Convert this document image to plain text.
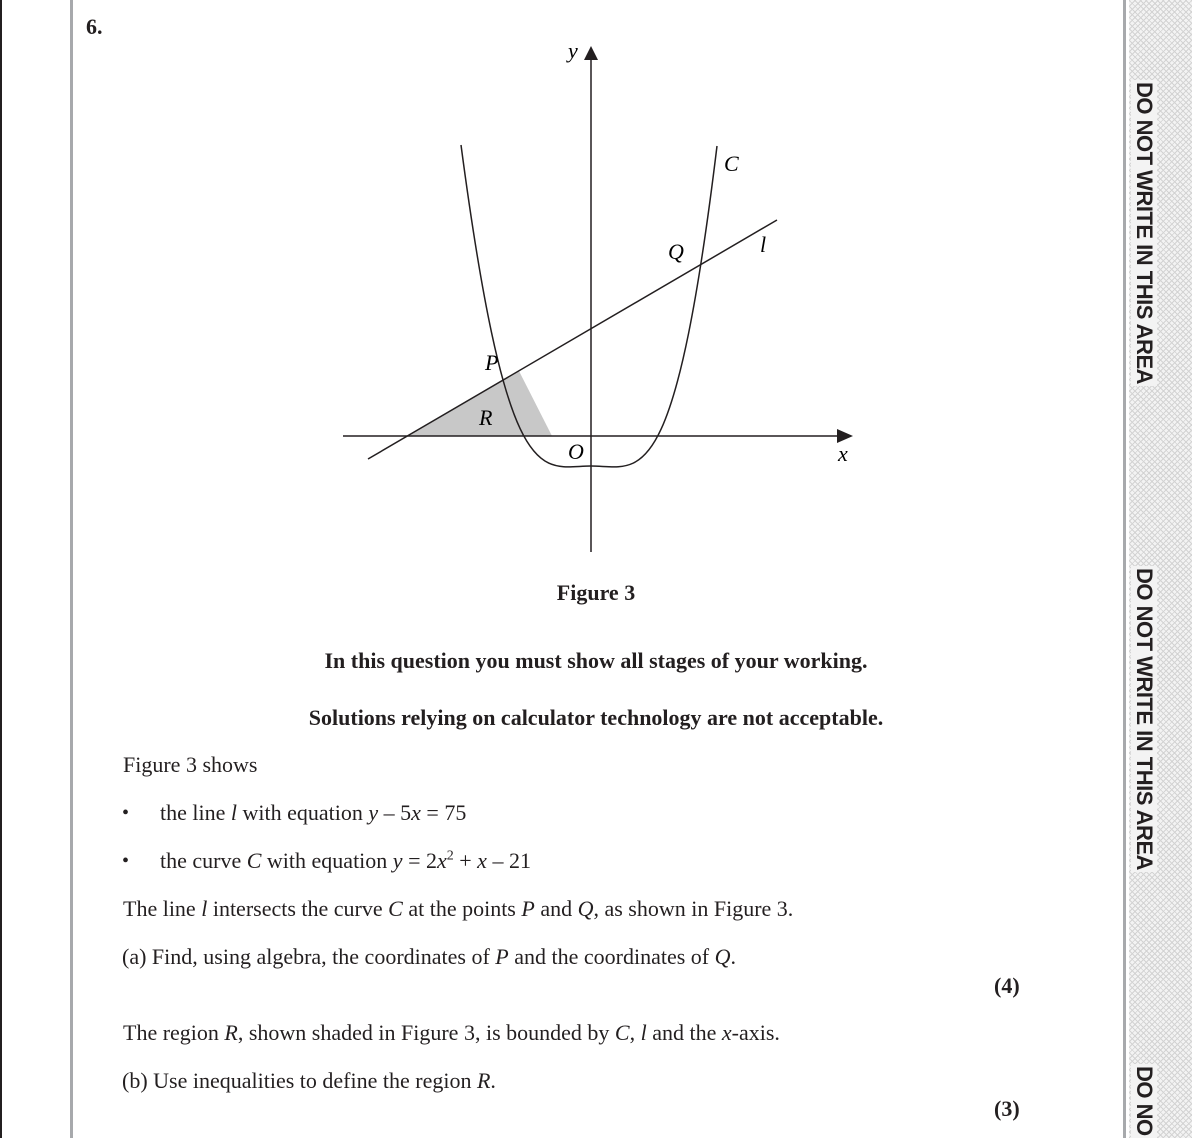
DO NOT WRITE IN THIS AREA
DO NOT WRITE IN THIS AREA
DO NO
6.
y
x
C
l
Q
P
R
O
Figure 3
In this question you must show all stages of your working.
Solutions relying on calculator technology are not acceptable.
Figure 3 shows
• the line l with equation y – 5x = 75
• the curve C with equation $y = 2x^2 + x - 21$
The line l intersects the curve C at the points P and Q, as shown in Figure 3.
(a) Find, using algebra, the coordinates of P and the coordinates of Q.
(4)
The region R, shown shaded in Figure 3, is bounded by C, l and the x-axis.
(b) Use inequalities to define the region R.
(3)
